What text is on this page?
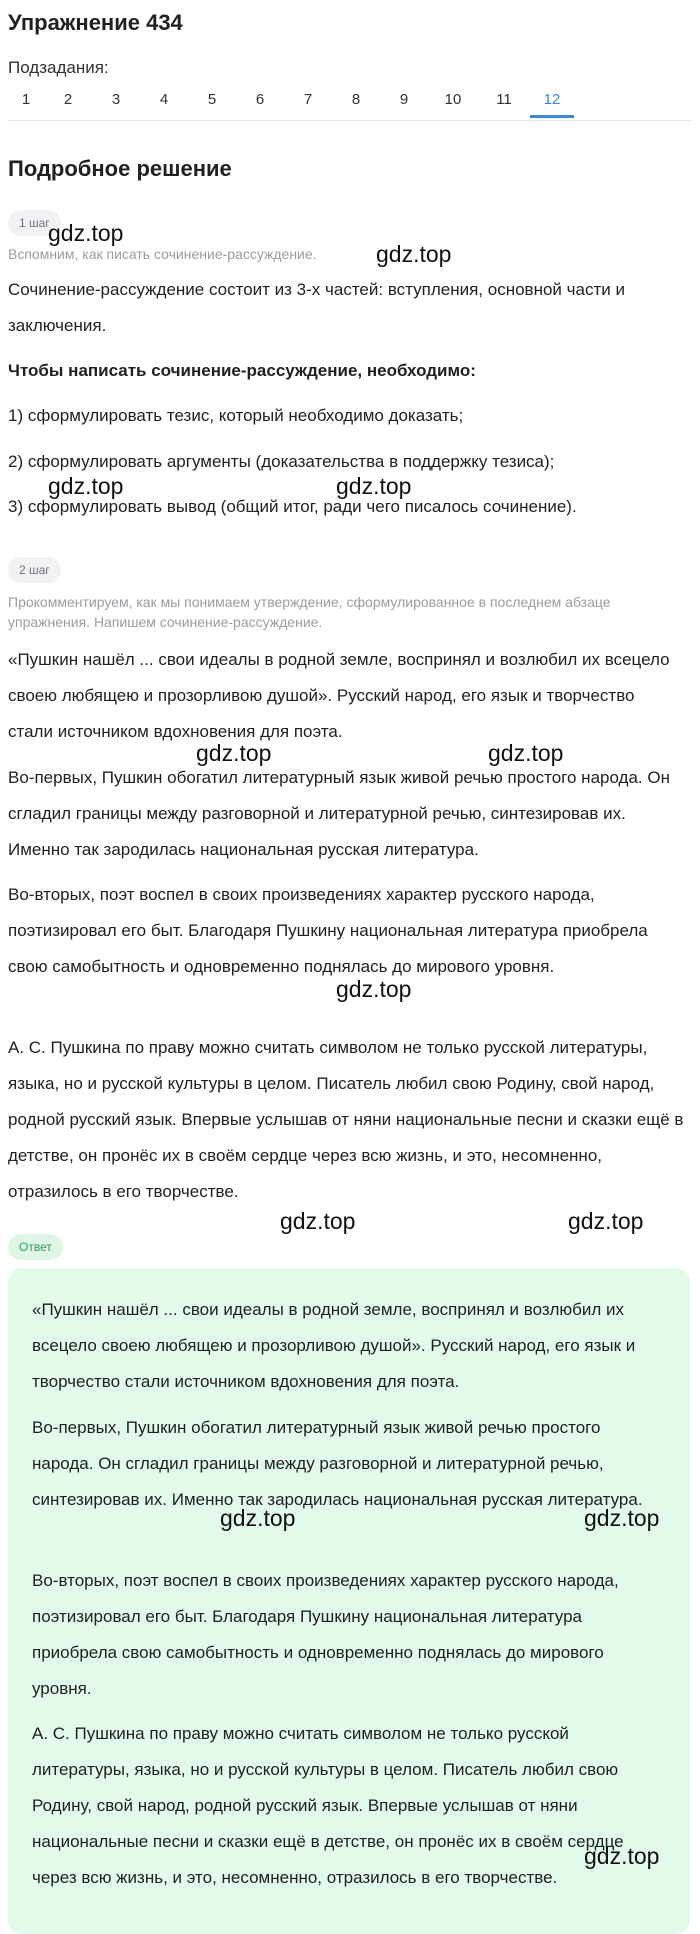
Упражнение 434
Подзадания:
1	2	3	4	5	6	7	8	9	10	11	12
Подробное решение
1 шаг

Вспомним, как писать сочинение-рассуждение.

Сочинение-рассуждение состоит из 3-х частей: вступления, основной части и заключения.

Чтобы написать сочинение-рассуждение, необходимо:

1) сформулировать тезис, который необходимо доказать;

2) сформулировать аргументы (доказательства в поддержку тезиса);

3) сформулировать вывод (общий итог, ради чего писалось сочинение).

2 шаг

Прокомментируем, как мы понимаем утверждение, сформулированное в последнем абзаце упражнения. Напишем сочинение-рассуждение.

«Пушкин нашёл ... свои идеалы в родной земле, воспринял и возлюбил их всецело своею любящею и прозорливою душой». Русский народ, его язык и творчество стали источником вдохновения для поэта.

Во-первых, Пушкин обогатил литературный язык живой речью простого народа. Он сгладил границы между разговорной и литературной речью, синтезировав их. Именно так зародилась национальная русская литература.

Во-вторых, поэт воспел в своих произведениях характер русского народа, поэтизировал его быт. Благодаря Пушкину национальная литература приобрела свою самобытность и одновременно поднялась до мирового уровня.

А. С. Пушкина по праву можно считать символом не только русской литературы, языка, но и русской культуры в целом. Писатель любил свою Родину, свой народ, родной русский язык. Впервые услышав от няни национальные песни и сказки ещё в детстве, он пронёс их в своём сердце через всю жизнь, и это, несомненно, отразилось в его творчестве.

Ответ

«Пушкин нашёл ... свои идеалы в родной земле, воспринял и возлюбил их всецело своею любящею и прозорливою душой». Русский народ, его язык и творчество стали источником вдохновения для поэта.

Во-первых, Пушкин обогатил литературный язык живой речью простого народа. Он сгладил границы между разговорной и литературной речью, синтезировав их. Именно так зародилась национальная русская литература.

Во-вторых, поэт воспел в своих произведениях характер русского народа, поэтизировал его быт. Благодаря Пушкину национальная литература приобрела свою самобытность и одновременно поднялась до мирового уровня.

А. С. Пушкина по праву можно считать символом не только русской литературы, языка, но и русской культуры в целом. Писатель любил свою Родину, свой народ, родной русский язык. Впервые услышав от няни национальные песни и сказки ещё в детстве, он пронёс их в своём сердце через всю жизнь, и это, несомненно, отразилось в его творчестве.

gdz.top
gdz.top
gdz.top	gdz.top
gdz.top	gdz.top
gdz.top
gdz.top	gdz.top
gdz.top	gdz.top
gdz.top
